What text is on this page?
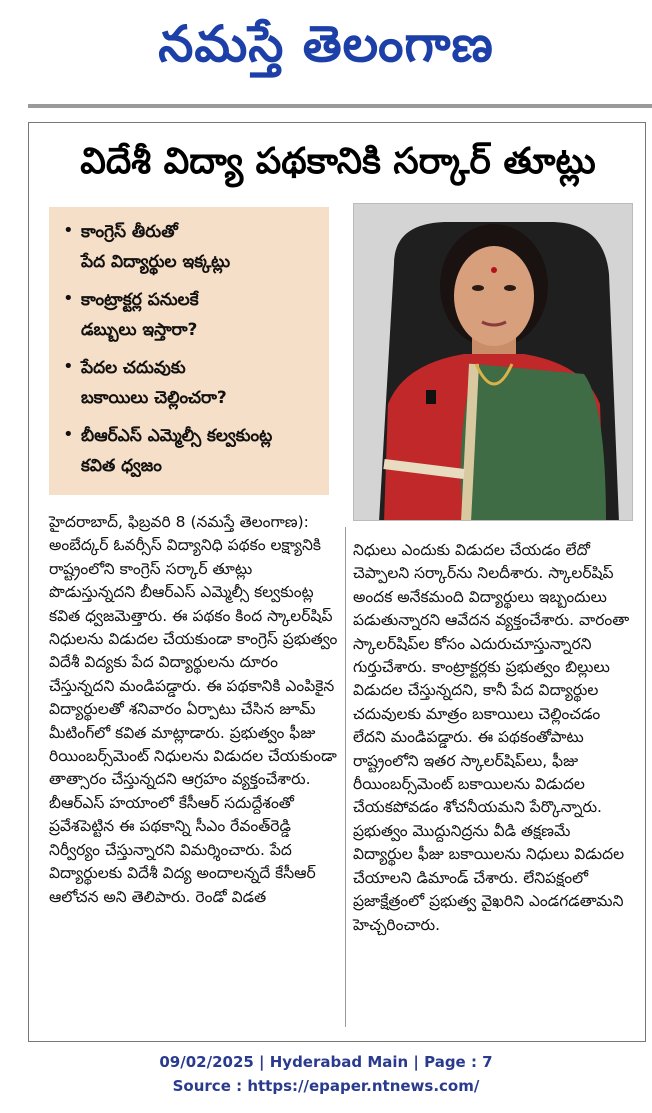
నమస్తే తెలంగాణ
విదేశీ విద్యా పథకానికి సర్కార్ తూట్లు
• కాంగ్రెస్ తీరుతో
పేద విద్యార్థుల ఇక్కట్లు
• కాంట్రాక్టర్ల పనులకే
డబ్బులు ఇస్తారా?
• పేదల చదువుకు
బకాయిలు చెల్లించరా?
• బీఆర్ఎస్ ఎమ్మెల్సీ కల్వకుంట్ల
కవిత ధ్వజం

హైదరాబాద్, ఫిబ్రవరి 8 (నమస్తే తెలంగాణ): అంబేద్కర్ ఓవర్సీస్ విద్యానిధి పథకం లక్ష్యానికి రాష్ట్రంలోని కాంగ్రెస్ సర్కార్ తూట్లు పొడుస్తున్నదని బీఆర్ఎస్ ఎమ్మెల్సీ కల్వకుంట్ల కవిత ధ్వజమెత్తారు. ఈ పథకం కింద స్కాలర్‌షిప్ నిధులను విడుదల చేయకుండా కాంగ్రెస్ ప్రభుత్వం విదేశీ విద్యకు పేద విద్యార్థులను దూరం చేస్తున్నదని మండిపడ్డారు. ఈ పథకానికి ఎంపికైన విద్యార్థులతో శనివారం ఏర్పాటు చేసిన జూమ్ మీటింగ్‌లో కవిత మాట్లాడారు. ప్రభుత్వం ఫీజు రియింబర్స్‌మెంట్ నిధులను విడుదల చేయకుండా తాత్సారం చేస్తున్నదని ఆగ్రహం వ్యక్తంచేశారు. బీఆర్ఎస్ హయాంలో కేసీఆర్ సదుద్దేశంతో ప్రవేశపెట్టిన ఈ పథకాన్ని సీఎం రేవంత్‌రెడ్డి నిర్వీర్యం చేస్తున్నారని విమర్శించారు. పేద విద్యార్థులకు విదేశీ విద్య అందాలన్నదే కేసీఆర్ ఆలోచన అని తెలిపారు. రెండో విడత

నిధులు ఎందుకు విడుదల చేయడం లేదో చెప్పాలని సర్కార్‌ను నిలదీశారు. స్కాలర్‌షిప్ అందక అనేకమంది విద్యార్థులు ఇబ్బందులు పడుతున్నారని ఆవేదన వ్యక్తంచేశారు. వారంతా స్కాలర్‌షిప్‌ల కోసం ఎదురుచూస్తున్నారని గుర్తుచేశారు. కాంట్రాక్టర్లకు ప్రభుత్వం బిల్లులు విడుదల చేస్తున్నదని, కానీ పేద విద్యార్థుల చదువులకు మాత్రం బకాయిలు చెల్లించడం లేదని మండిపడ్డారు. ఈ పథకంతోపాటు రాష్ట్రంలోని ఇతర స్కాలర్‌షిప్‌లు, ఫీజు రీయింబర్స్‌మెంట్ బకాయిలను విడుదల చేయకపోవడం శోచనీయమని పేర్కొన్నారు. ప్రభుత్వం మొద్దునిద్రను వీడి తక్షణమే విద్యార్థుల ఫీజు బకాయిలను నిధులు విడుదల చేయాలని డిమాండ్ చేశారు. లేనిపక్షంలో ప్రజాక్షేత్రంలో ప్రభుత్వ వైఖరిని ఎండగడతామని హెచ్చరించారు.

09/02/2025 | Hyderabad Main | Page : 7
Source : https://epaper.ntnews.com/
